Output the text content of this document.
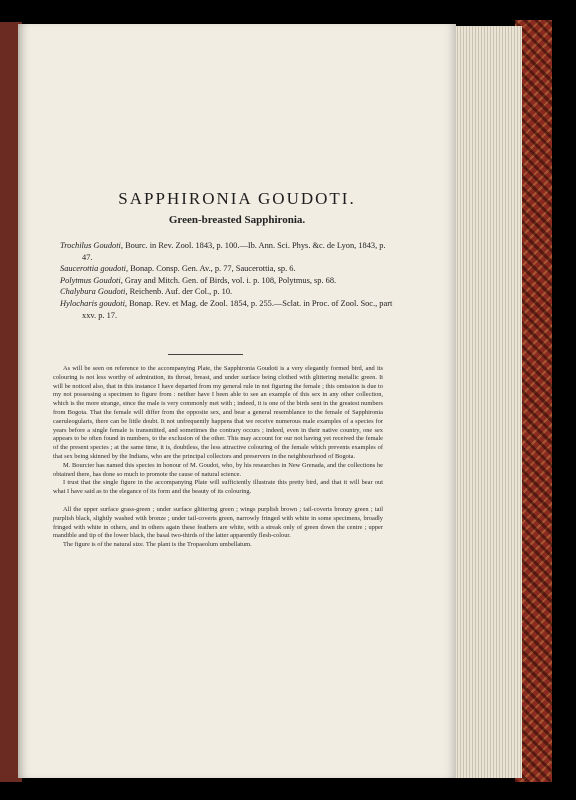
SAPPHIRONIA GOUDOTI.
Green-breasted Sapphironia.
Trochilus Goudoti, Bourc. in Rev. Zool. 1843, p. 100.—Ib. Ann. Sci. Phys. &c. de Lyon, 1843, p. 47.
Saucerottia goudoti, Bonap. Consp. Gen. Av., p. 77, Saucerottia, sp. 6.
Polytmus Goudoti, Gray and Mitch. Gen. of Birds, vol. i. p. 108, Polytmus, sp. 68.
Chalybura Goudoti, Reichenb. Auf. der Col., p. 10.
Hylocharis goudoti, Bonap. Rev. et Mag. de Zool. 1854, p. 255.—Sclat. in Proc. of Zool. Soc., part xxv. p. 17.

As will be seen on reference to the accompanying Plate, the Sapphironia Goudoti is a very elegantly formed bird, and its colouring is not less worthy of admiration, its throat, breast, and under surface being clothed with glittering metallic green. It will be noticed also, that in this instance I have departed from my general rule in not figuring the female ; this omission is due to my not possessing a specimen to figure from : neither have I been able to see an example of this sex in any other collection, which is the more strange, since the male is very commonly met with ; indeed, it is one of the birds sent in the greatest numbers from Bogota. That the female will differ from the opposite sex, and bear a general resemblance to the female of Sapphironia caeruleogularis, there can be little doubt. It not unfrequently happens that we receive numerous male examples of a species for years before a single female is transmitted, and sometimes the contrary occurs ; indeed, even in their native country, one sex appears to be often found in numbers, to the exclusion of the other. This may account for our not having yet received the female of the present species ; at the same time, it is, doubtless, the less attractive colouring of the female which prevents examples of that sex being skinned by the Indians, who are the principal collectors and preservers in the neighbourhood of Bogota.

M. Bourcier has named this species in honour of M. Goudot, who, by his researches in New Grenada, and the collections he obtained there, has done so much to promote the cause of natural science.

I trust that the single figure in the accompanying Plate will sufficiently illustrate this pretty bird, and that it will bear out what I have said as to the elegance of its form and the beauty of its colouring.

All the upper surface grass-green ; under surface glittering green ; wings purplish brown ; tail-coverts bronzy green ; tail purplish black, slightly washed with bronze ; under tail-coverts green, narrowly fringed with white in some specimens, broadly fringed with white in others, and in others again these feathers are white, with a streak only of green down the centre ; upper mandible and tip of the lower black, the basal two-thirds of the latter apparently flesh-colour.

The figure is of the natural size. The plant is the Tropaeolum umbellatum.
